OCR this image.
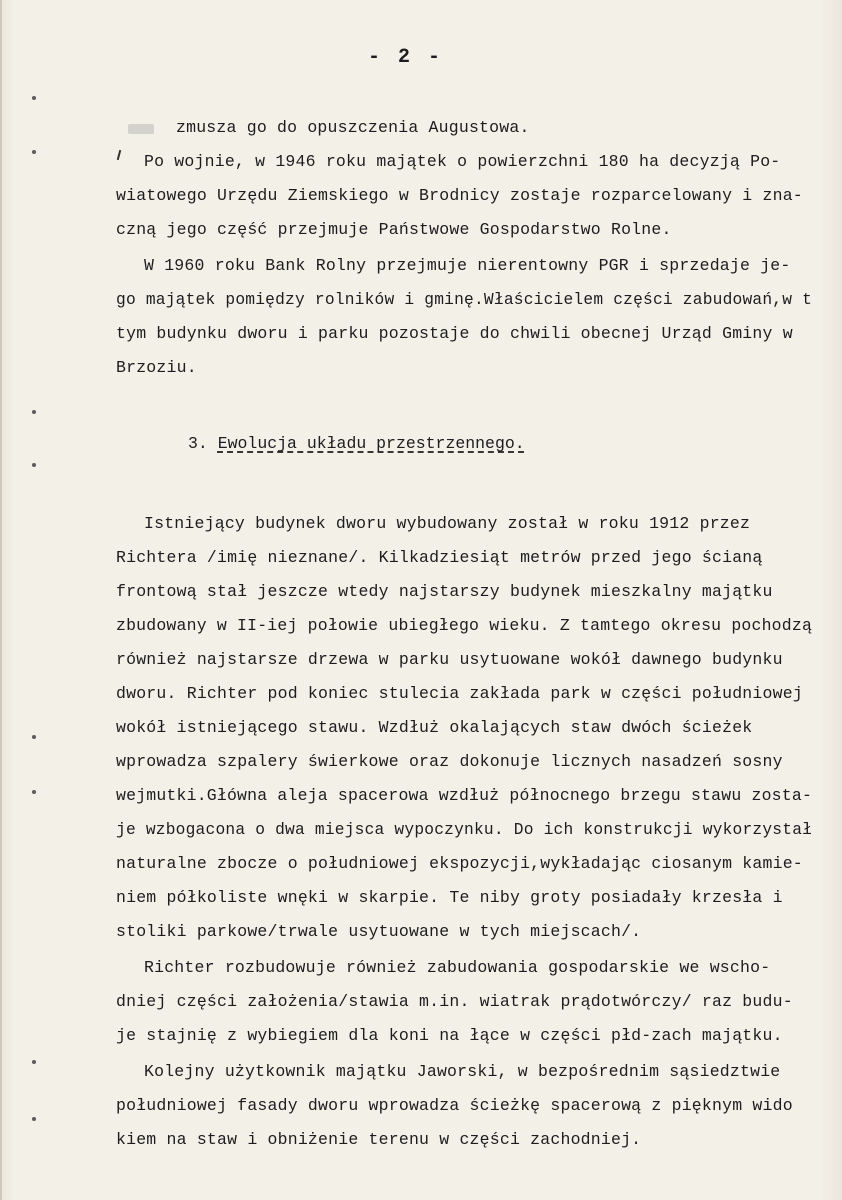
- 2 -
zmusza go do opuszczenia Augustowa.
Po wojnie, w 1946 roku majątek o powierzchni 180 ha decyzją Po-
wiatowego Urzędu Ziemskiego w Brodnicy zostaje rozparcelowany i zna-
czną jego część przejmuje Państwowe Gospodarstwo Rolne.
W 1960 roku Bank Rolny przejmuje nierentowny PGR i sprzedaje je-
go majątek pomiędzy rolników i gminę.Właścicielem części zabudowań,w t
tym budynku dworu i parku pozostaje do chwili obecnej Urząd Gminy w
Brzoziu.
3. Ewolucja układu przestrzennego.
Istniejący budynek dworu wybudowany został w roku 1912 przez
Richtera /imię nieznane/. Kilkadziesiąt metrów przed jego ścianą
frontową stał jeszcze wtedy najstarszy budynek mieszkalny majątku
zbudowany w II-iej połowie ubiegłego wieku. Z tamtego okresu pochodzą
również najstarsze drzewa w parku usytuowane wokół dawnego budynku
dworu. Richter pod koniec stulecia zakłada park w części południowej
wokół istniejącego stawu. Wzdłuż okalających staw dwóch ścieżek
wprowadza szpalery świerkowe oraz dokonuje licznych nasadzeń sosny
wejmutki.Główna aleja spacerowa wzdłuż północnego brzegu stawu zosta-
je wzbogacona o dwa miejsca wypoczynku. Do ich konstrukcji wykorzystał
naturalne zbocze o południowej ekspozycji,wykładając ciosanym kamie-
niem półkoliste wnęki w skarpie. Te niby groty posiadały krzesła i
stoliki parkowe/trwale usytuowane w tych miejscach/.
Richter rozbudowuje również zabudowania gospodarskie we wscho-
dniej części założenia/stawia m.in. wiatrak prądotwórczy/ raz budu-
je stajnię z wybiegiem dla koni na łące w części płd-zach majątku.
Kolejny użytkownik majątku Jaworski, w bezpośrednim sąsiedztwie
południowej fasady dworu wprowadza ścieżkę spacerową z pięknym wido
kiem na staw i obniżenie terenu w części zachodniej.
